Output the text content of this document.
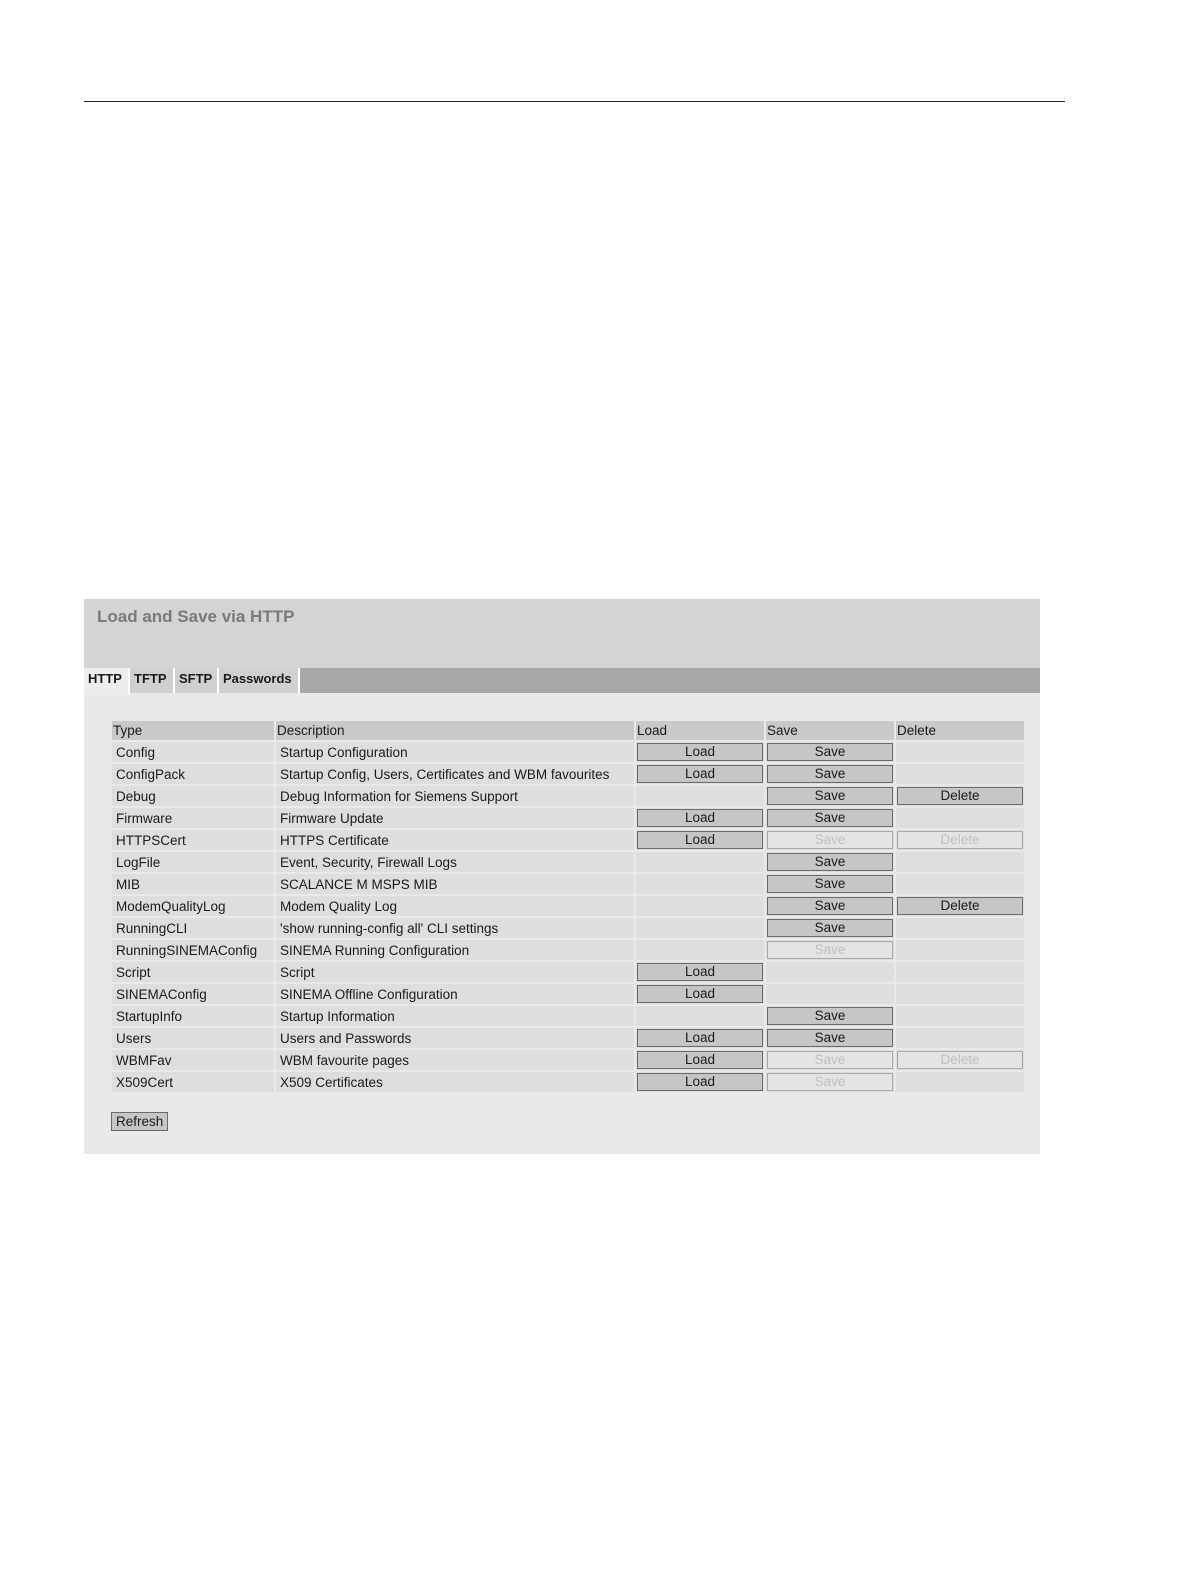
Load and Save via HTTP
HTTP TFTP SFTP Passwords
Type	Description	Load	Save	Delete
Config	Startup Configuration	Load	Save	

ConfigPack	Startup Config, Users, Certificates and WBM favourites	Load	Save	

Debug	Debug Information for Siemens Support		Save	Delete

Firmware	Firmware Update	Load	Save	

HTTPSCert	HTTPS Certificate	Load	Save	Delete

LogFile	Event, Security, Firewall Logs		Save	

MIB	SCALANCE M MSPS MIB		Save	

ModemQualityLog	Modem Quality Log		Save	Delete

RunningCLI	'show running-config all' CLI settings		Save	

RunningSINEMAConfig	SINEMA Running Configuration		Save	

Script	Script	Load		

SINEMAConfig	SINEMA Offline Configuration	Load		

StartupInfo	Startup Information		Save	

Users	Users and Passwords	Load	Save	

WBMFav	WBM favourite pages	Load	Save	Delete

X509Cert	X509 Certificates	Load	Save	

Refresh
